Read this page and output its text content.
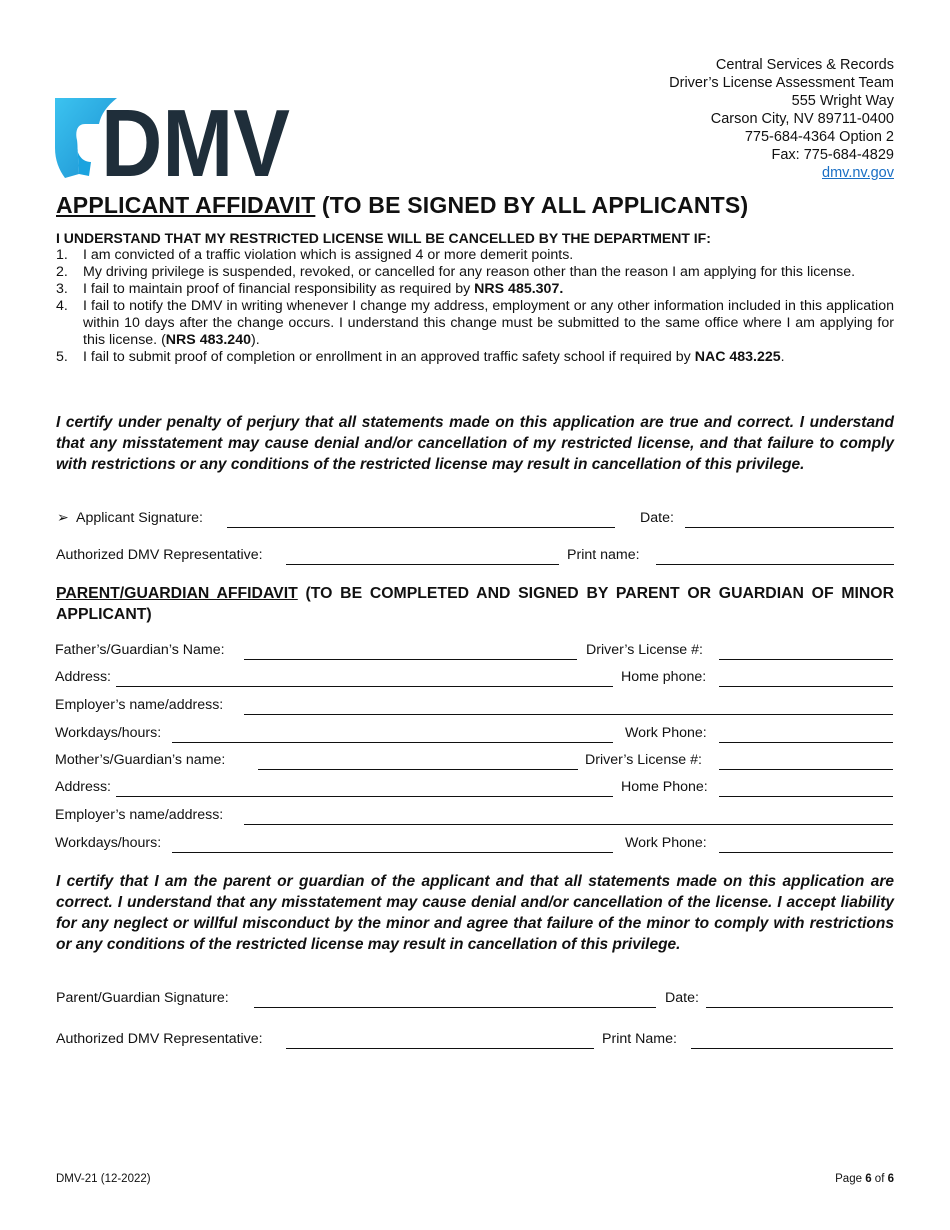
DMV
Central Services & Records
Driver’s License Assessment Team
555 Wright Way
Carson City, NV 89711-0400
775-684-4364 Option 2
Fax: 775-684-4829
dmv.nv.gov
APPLICANT AFFIDAVIT (TO BE SIGNED BY ALL APPLICANTS)
I UNDERSTAND THAT MY RESTRICTED LICENSE WILL BE CANCELLED BY THE DEPARTMENT IF:
1. I am convicted of a traffic violation which is assigned 4 or more demerit points.
2. My driving privilege is suspended, revoked, or cancelled for any reason other than the reason I am applying for this license.
3. I fail to maintain proof of financial responsibility as required by NRS 485.307.
4. I fail to notify the DMV in writing whenever I change my address, employment or any other information included in this application within 10 days after the change occurs. I understand this change must be submitted to the same office where I am applying for this license. (NRS 483.240).
5. I fail to submit proof of completion or enrollment in an approved traffic safety school if required by NAC 483.225.
I certify under penalty of perjury that all statements made on this application are true and correct. I understand that any misstatement may cause denial and/or cancellation of my restricted license, and that failure to comply with restrictions or any conditions of the restricted license may result in cancellation of this privilege.
➢ Applicant Signature:	Date:
Authorized DMV Representative:	Print name:
PARENT/GUARDIAN AFFIDAVIT (TO BE COMPLETED AND SIGNED BY PARENT OR GUARDIAN OF MINOR APPLICANT)
Father’s/Guardian’s Name:	Driver’s License #:
Address:	Home phone:
Employer’s name/address:
Workdays/hours:	Work Phone:
Mother’s/Guardian’s name:	Driver’s License #:
Address:	Home Phone:
Employer’s name/address:
Workdays/hours:	Work Phone:
I certify that I am the parent or guardian of the applicant and that all statements made on this application are correct. I understand that any misstatement may cause denial and/or cancellation of the license. I accept liability for any neglect or willful misconduct by the minor and agree that failure of the minor to comply with restrictions or any conditions of the restricted license may result in cancellation of this privilege.
Parent/Guardian Signature:	Date:
Authorized DMV Representative:	Print Name:
DMV-21 (12-2022)	Page 6 of 6
